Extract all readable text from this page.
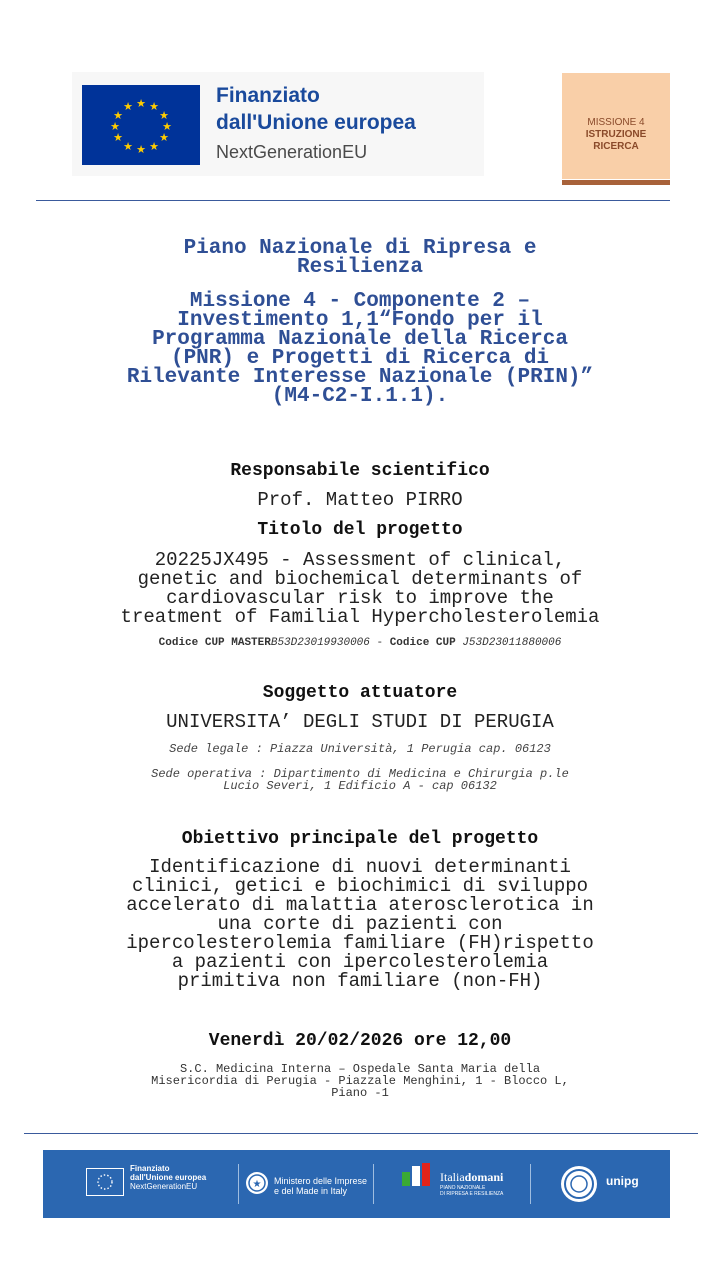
★ ★
★
★
★
★
★
★
★
★
★
★	Finanziato
dall'Unione europea
NextGenerationEU
MISSIONE 4
ISTRUZIONE
RICERCA
Piano Nazionale di Ripresa e
Resilienza
Missione 4 - Componente 2 –
Investimento 1,1“Fondo per il
Programma Nazionale della Ricerca
(PNR) e Progetti di Ricerca di
Rilevante Interesse Nazionale (PRIN)”
(M4-C2-I.1.1).
Responsabile scientifico
Prof. Matteo PIRRO
Titolo del progetto
20225JX495 - Assessment of clinical,
genetic and biochemical determinants of
cardiovascular risk to improve the
treatment of Familial Hypercholesterolemia
Codice CUP MASTERB53D23019930006 - Codice CUP J53D23011880006
Soggetto attuatore
UNIVERSITA’ DEGLI STUDI DI PERUGIA
Sede legale : Piazza Università, 1 Perugia cap. 06123
Sede operativa : Dipartimento di Medicina e Chirurgia p.le
Lucio Severi, 1 Edificio A - cap 06132
Obiettivo principale del progetto
Identificazione di nuovi determinanti
clinici, getici e biochimici di sviluppo
accelerato di malattia aterosclerotica in
una corte di pazienti con
ipercolesterolemia familiare (FH)rispetto
a pazienti con ipercolesterolemia
primitiva non familiare (non-FH)
Venerdì 20/02/2026 ore 12,00
S.C. Medicina Interna – Ospedale Santa Maria della
Misericordia di Perugia - Piazzale Menghini, 1 - Blocco L,
Piano -1
Finanziato
dall'Unione europea
NextGenerationEU	★ Ministero delle Imprese
e del Made in Italy
Italiadomani
PIANO NAZIONALE
DI RIPRESA E RESILIENZA
unipg
